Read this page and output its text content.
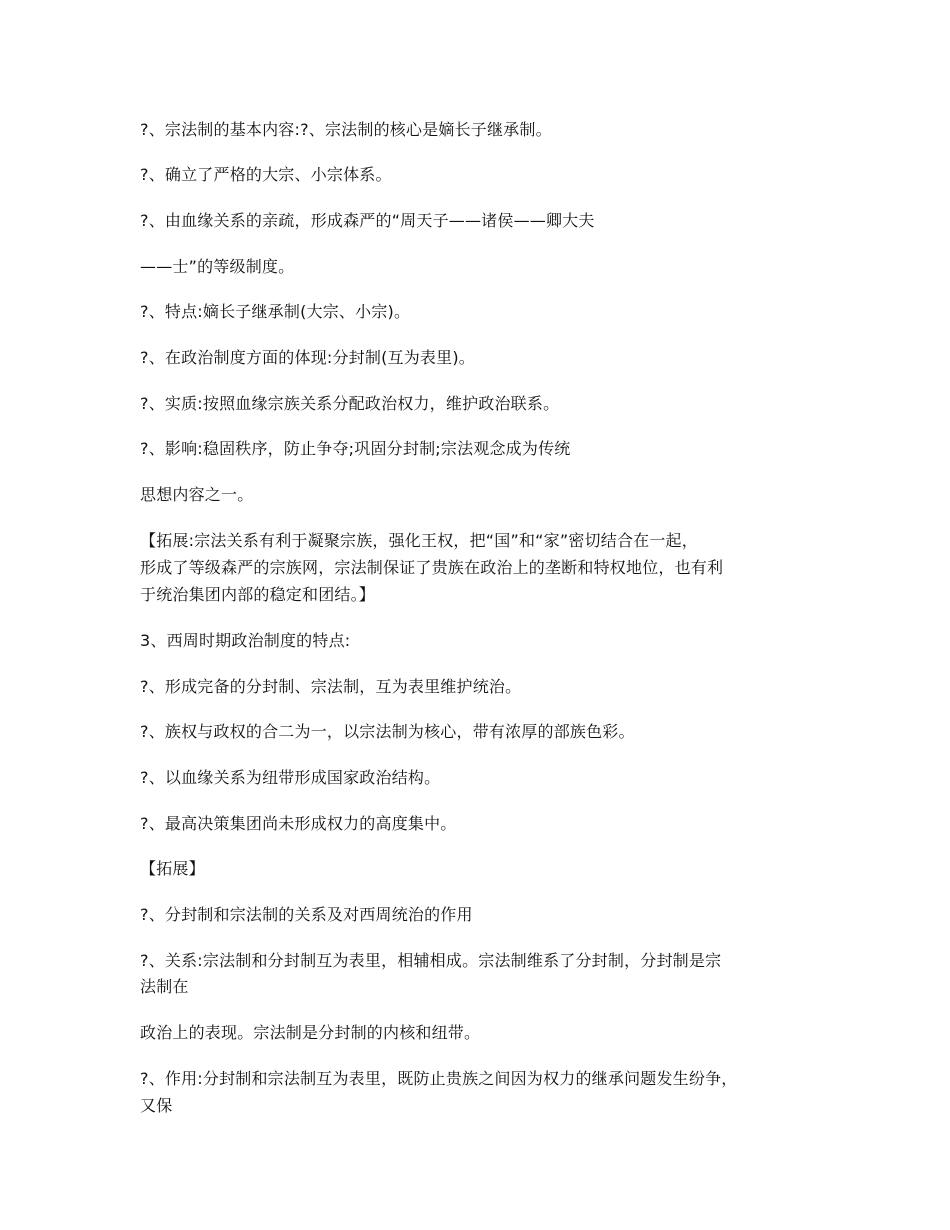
?、宗法制的基本内容:?、宗法制的核心是嫡长子继承制。
?、确立了严格的大宗、小宗体系。
?、由血缘关系的亲疏，形成森严的“周天子——诸侯——卿大夫
——士”的等级制度。
?、特点:嫡长子继承制(大宗、小宗)。
?、在政治制度方面的体现:分封制(互为表里)。
?、实质:按照血缘宗族关系分配政治权力，维护政治联系。
?、影响:稳固秩序，防止争夺;巩固分封制;宗法观念成为传统
思想内容之一。
【拓展:宗法关系有利于凝聚宗族，强化王权，把“国”和“家”密切结合在一起，
形成了等级森严的宗族网，宗法制保证了贵族在政治上的垄断和特权地位，也有利
于统治集团内部的稳定和团结。】
3、西周时期政治制度的特点:
?、形成完备的分封制、宗法制，互为表里维护统治。
?、族权与政权的合二为一，以宗法制为核心，带有浓厚的部族色彩。
?、以血缘关系为纽带形成国家政治结构。
?、最高决策集团尚未形成权力的高度集中。
【拓展】
?、分封制和宗法制的关系及对西周统治的作用
?、关系:宗法制和分封制互为表里，相辅相成。宗法制维系了分封制，分封制是宗
法制在
政治上的表现。宗法制是分封制的内核和纽带。
?、作用:分封制和宗法制互为表里，既防止贵族之间因为权力的继承问题发生纷争，
又保
